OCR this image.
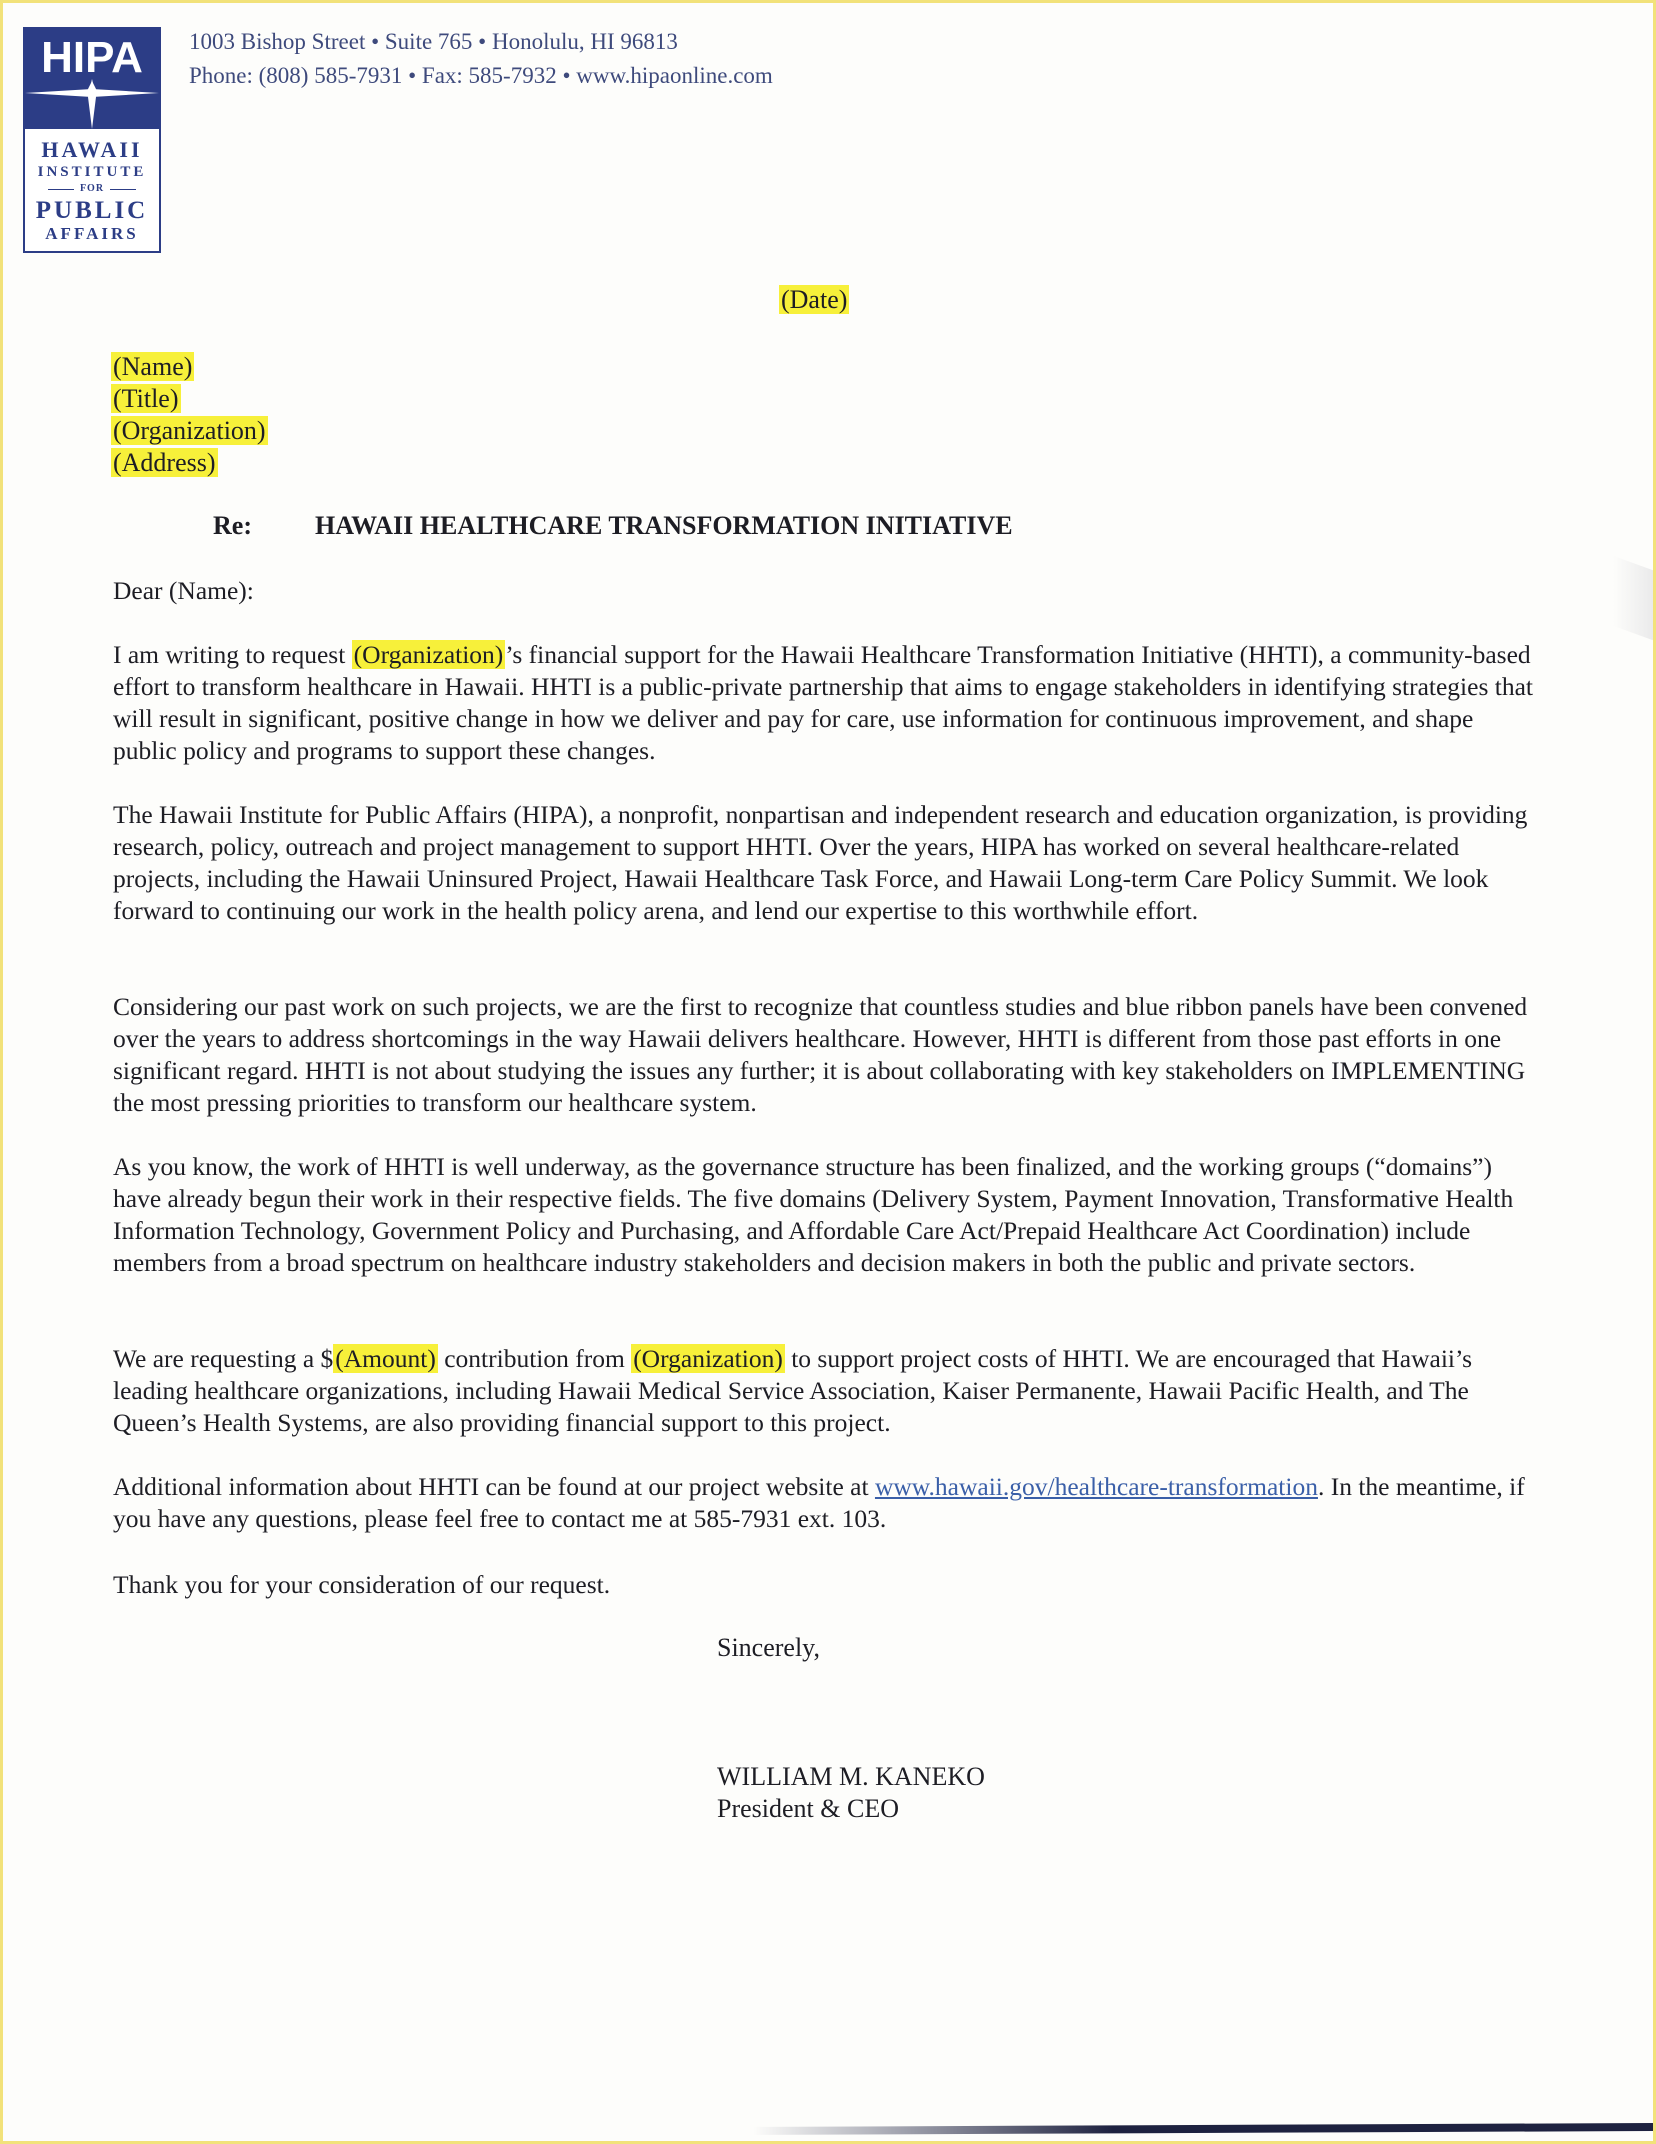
HIPA
HAWAII
INSTITUTE
FOR
PUBLIC
AFFAIRS
1003 Bishop Street • Suite 765 • Honolulu, HI 96813
Phone: (808) 585-7931 • Fax: 585-7932 • www.hipaonline.com
(Date)
(Name)
(Title)
(Organization)
(Address)
Re: HAWAII HEALTHCARE TRANSFORMATION INITIATIVE

Dear (Name):

I am writing to request (Organization)’s financial support for the Hawaii Healthcare Transformation Initiative (HHTI), a community-based effort to transform healthcare in Hawaii. HHTI is a public-private partnership that aims to engage stakeholders in identifying strategies that will result in significant, positive change in how we deliver and pay for care, use information for continuous improvement, and shape public policy and programs to support these changes.

The Hawaii Institute for Public Affairs (HIPA), a nonprofit, nonpartisan and independent research and education organization, is providing research, policy, outreach and project management to support HHTI. Over the years, HIPA has worked on several healthcare-related projects, including the Hawaii Uninsured Project, Hawaii Healthcare Task Force, and Hawaii Long-term Care Policy Summit. We look forward to continuing our work in the health policy arena, and lend our expertise to this worthwhile effort.

Considering our past work on such projects, we are the first to recognize that countless studies and blue ribbon panels have been convened over the years to address shortcomings in the way Hawaii delivers healthcare. However, HHTI is different from those past efforts in one significant regard. HHTI is not about studying the issues any further; it is about collaborating with key stakeholders on IMPLEMENTING the most pressing priorities to transform our healthcare system.

As you know, the work of HHTI is well underway, as the governance structure has been finalized, and the working groups (“domains”) have already begun their work in their respective fields. The five domains (Delivery System, Payment Innovation, Transformative Health Information Technology, Government Policy and Purchasing, and Affordable Care Act/Prepaid Healthcare Act Coordination) include members from a broad spectrum on healthcare industry stakeholders and decision makers in both the public and private sectors.

We are requesting a $(Amount) contribution from (Organization) to support project costs of HHTI. We are encouraged that Hawaii’s leading healthcare organizations, including Hawaii Medical Service Association, Kaiser Permanente, Hawaii Pacific Health, and The Queen’s Health Systems, are also providing financial support to this project.

Additional information about HHTI can be found at our project website at www.hawaii.gov/healthcare-transformation. In the meantime, if you have any questions, please feel free to contact me at 585-7931 ext. 103.

Thank you for your consideration of our request.

Sincerely,
WILLIAM M. KANEKO
President & CEO
